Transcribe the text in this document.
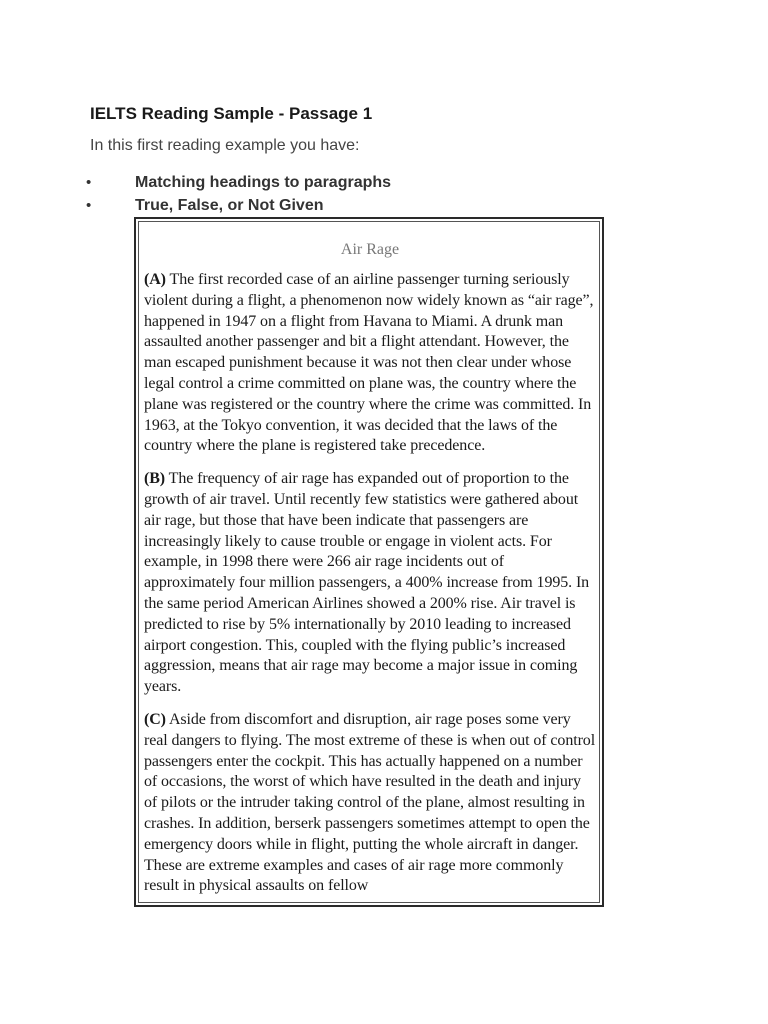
IELTS Reading Sample - Passage 1
In this first reading example you have:
•	Matching headings to paragraphs
•	True, False, or Not Given
Air Rage

(A) The first recorded case of an airline passenger turning seriously violent during a flight, a phenomenon now widely known as “air rage”, happened in 1947 on a flight from Havana to Miami. A drunk man assaulted another passenger and bit a flight attendant. However, the man escaped punishment because it was not then clear under whose legal control a crime committed on plane was, the country where the plane was registered or the country where the crime was committed. In 1963, at the Tokyo convention, it was decided that the laws of the country where the plane is registered take precedence.

(B) The frequency of air rage has expanded out of proportion to the growth of air travel. Until recently few statistics were gathered about air rage, but those that have been indicate that passengers are increasingly likely to cause trouble or engage in violent acts. For example, in 1998 there were 266 air rage incidents out of approximately four million passengers, a 400% increase from 1995. In the same period American Airlines showed a 200% rise. Air travel is predicted to rise by 5% internationally by 2010 leading to increased airport congestion. This, coupled with the flying public’s increased aggression, means that air rage may become a major issue in coming years.

(C) Aside from discomfort and disruption, air rage poses some very real dangers to flying. The most extreme of these is when out of control passengers enter the cockpit. This has actually happened on a number of occasions, the worst of which have resulted in the death and injury of pilots or the intruder taking control of the plane, almost resulting in crashes. In addition, berserk passengers sometimes attempt to open the emergency doors while in flight, putting the whole aircraft in danger. These are extreme examples and cases of air rage more commonly result in physical assaults on fellow
